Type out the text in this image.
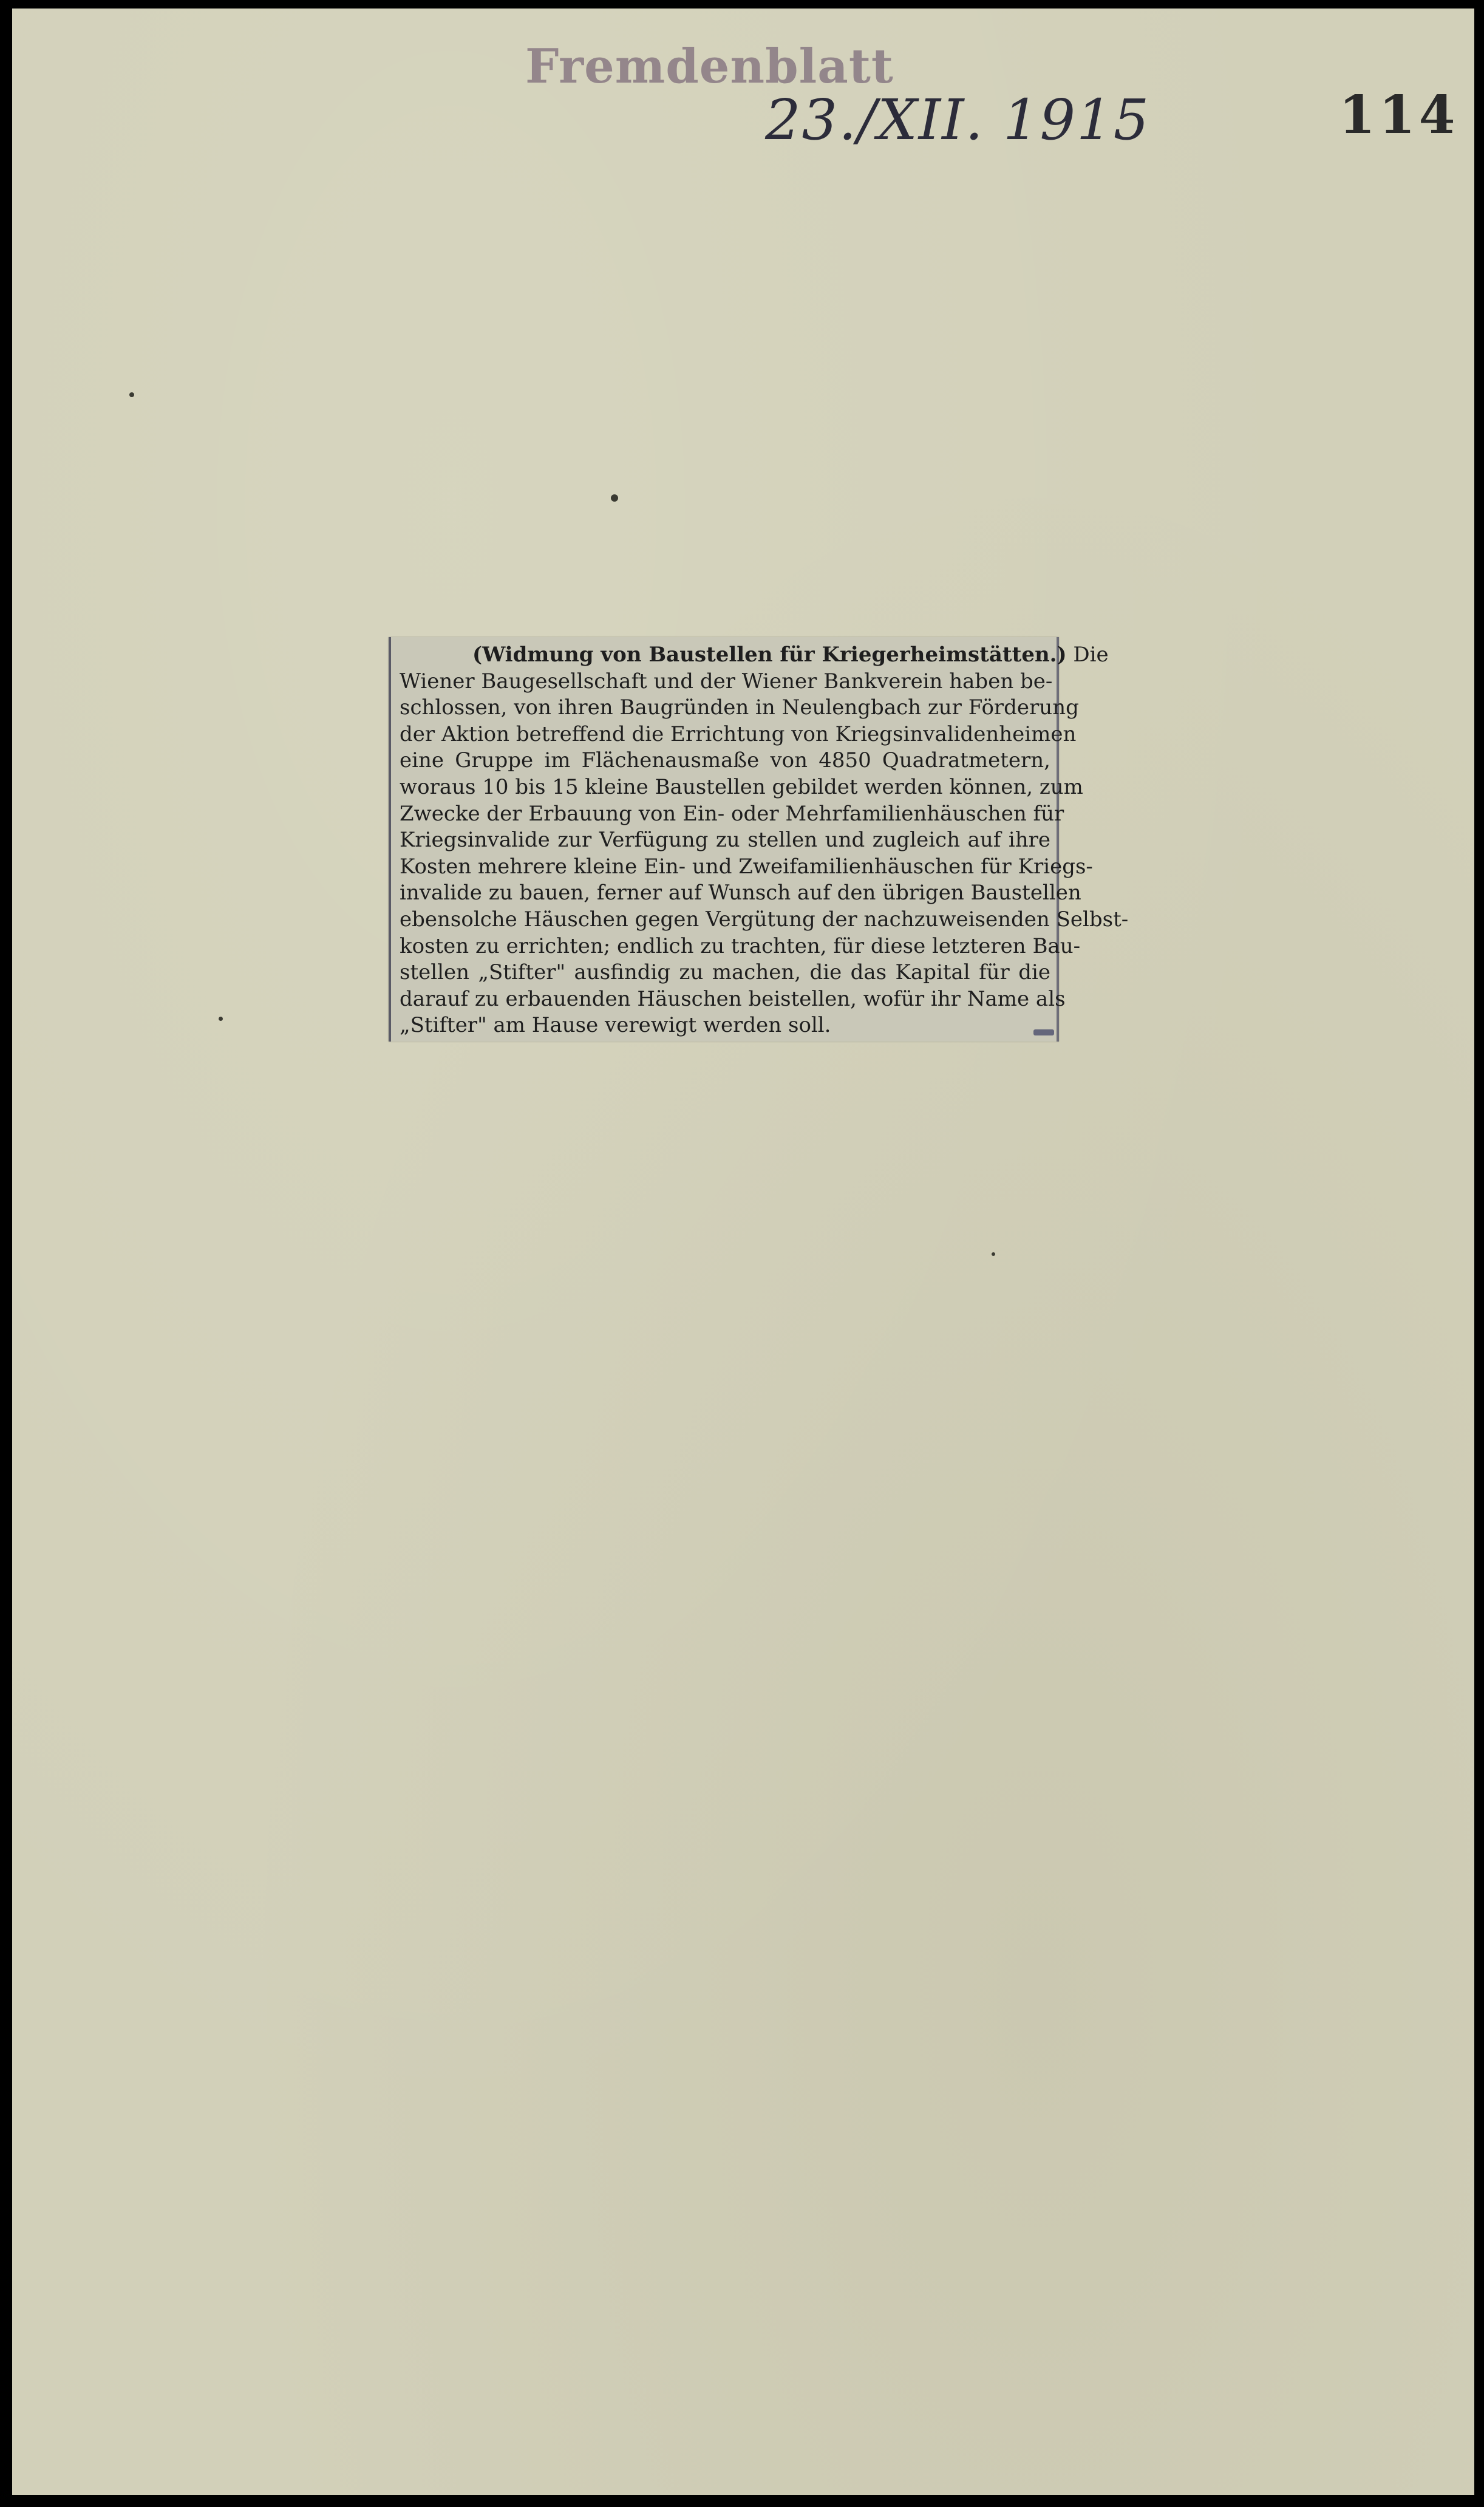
Fremdenblatt
23./XII. 1915	114
(Widmung von Baustellen für Kriegerheimstätten.) Die
Wiener Baugesellschaft und der Wiener Bankverein haben be-
schlossen, von ihren Baugründen in Neulengbach zur Förderung
der Aktion betreffend die Errichtung von Kriegsinvalidenheimen
eine Gruppe im Flächenausmaße von 4850 Quadratmetern,
woraus 10 bis 15 kleine Baustellen gebildet werden können, zum
Zwecke der Erbauung von Ein- oder Mehrfamilienhäuschen für
Kriegsinvalide zur Verfügung zu stellen und zugleich auf ihre
Kosten mehrere kleine Ein- und Zweifamilienhäuschen für Kriegs-
invalide zu bauen, ferner auf Wunsch auf den übrigen Baustellen
ebensolche Häuschen gegen Vergütung der nachzuweisenden Selbst-
kosten zu errichten; endlich zu trachten, für diese letzteren Bau-
stellen „Stifter" ausfindig zu machen, die das Kapital für die
darauf zu erbauenden Häuschen beistellen, wofür ihr Name als
„Stifter" am Hause verewigt werden soll.
